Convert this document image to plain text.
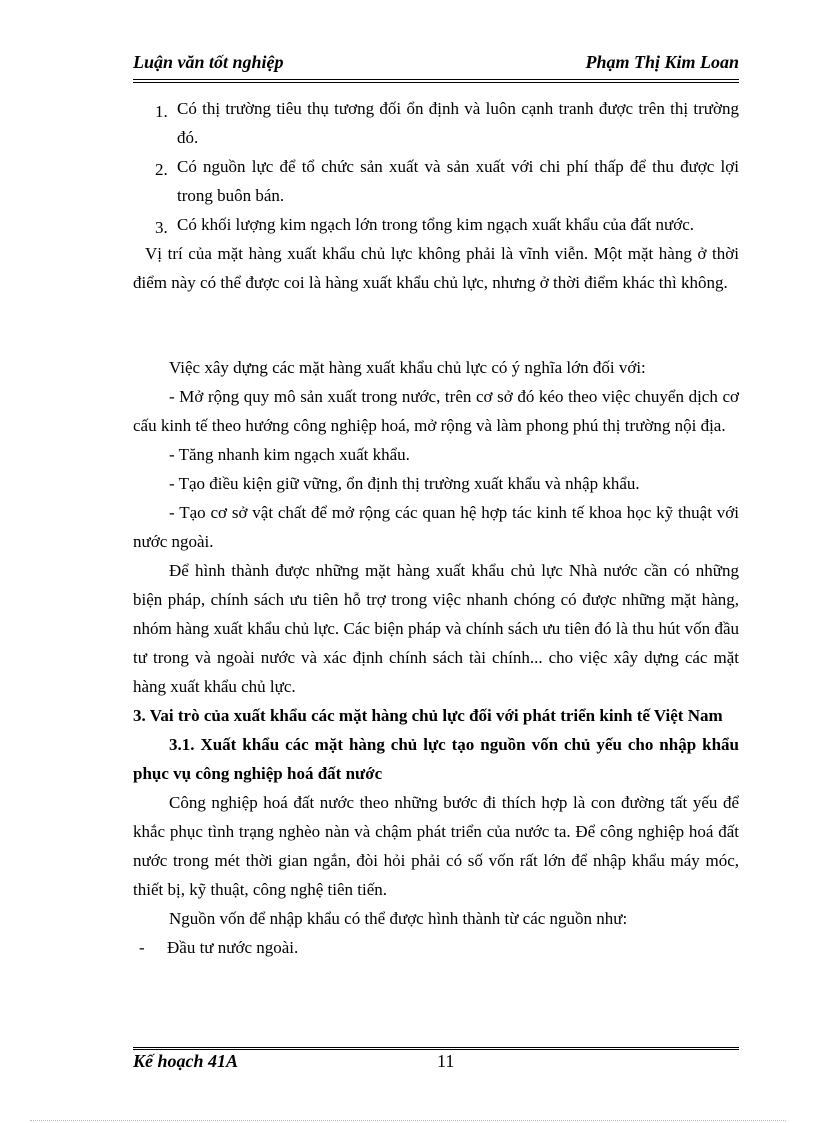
Luận văn tốt nghiệp	Phạm Thị Kim Loan
1. Có thị trường tiêu thụ tương đối ổn định và luôn cạnh tranh được trên thị trường đó.

2. Có nguồn lực để tổ chức sản xuất và sản xuất với chi phí thấp để thu được lợi trong buôn bán.

3. Có khối lượng kim ngạch lớn trong tổng kim ngạch xuất khẩu của đất nước.

Vị trí của mặt hàng xuất khẩu chủ lực không phải là vĩnh viễn. Một mặt hàng ở thời điểm này có thể được coi là hàng xuất khẩu chủ lực, nhưng ở thời điểm khác thì không.

Việc xây dựng các mặt hàng xuất khẩu chủ lực có ý nghĩa lớn đối với:

- Mở rộng quy mô sản xuất trong nước, trên cơ sở đó kéo theo việc chuyển dịch cơ cấu kinh tế theo hướng công nghiệp hoá, mở rộng và làm phong phú thị trường nội địa.

- Tăng nhanh kim ngạch xuất khẩu.

- Tạo điều kiện giữ vững, ổn định thị trường xuất khẩu và nhập khẩu.

- Tạo cơ sở vật chất để mở rộng các quan hệ hợp tác kinh tế khoa học kỹ thuật với nước ngoài.

Để hình thành được những mặt hàng xuất khẩu chủ lực Nhà nước cần có những biện pháp, chính sách ưu tiên hỗ trợ trong việc nhanh chóng có được những mặt hàng, nhóm hàng xuất khẩu chủ lực. Các biện pháp và chính sách ưu tiên đó là thu hút vốn đầu tư trong và ngoài nước và xác định chính sách tài chính... cho việc xây dựng các mặt hàng xuất khẩu chủ lực.

3. Vai trò của xuất khẩu các mặt hàng chủ lực đối với phát triển kinh tế Việt Nam

3.1. Xuất khẩu các mặt hàng chủ lực tạo nguồn vốn chủ yếu cho nhập khẩu phục vụ công nghiệp hoá đất nước

Công nghiệp hoá đất nước theo những bước đi thích hợp là con đường tất yếu để khắc phục tình trạng nghèo nàn và chậm phát triển của nước ta. Để công nghiệp hoá đất nước trong mét thời gian ngắn, đòi hỏi phải có số vốn rất lớn để nhập khẩu máy móc, thiết bị, kỹ thuật, công nghệ tiên tiến.

Nguồn vốn để nhập khẩu có thể được hình thành từ các nguồn như:

- Đầu tư nước ngoài.

Kế hoạch 41A	11
